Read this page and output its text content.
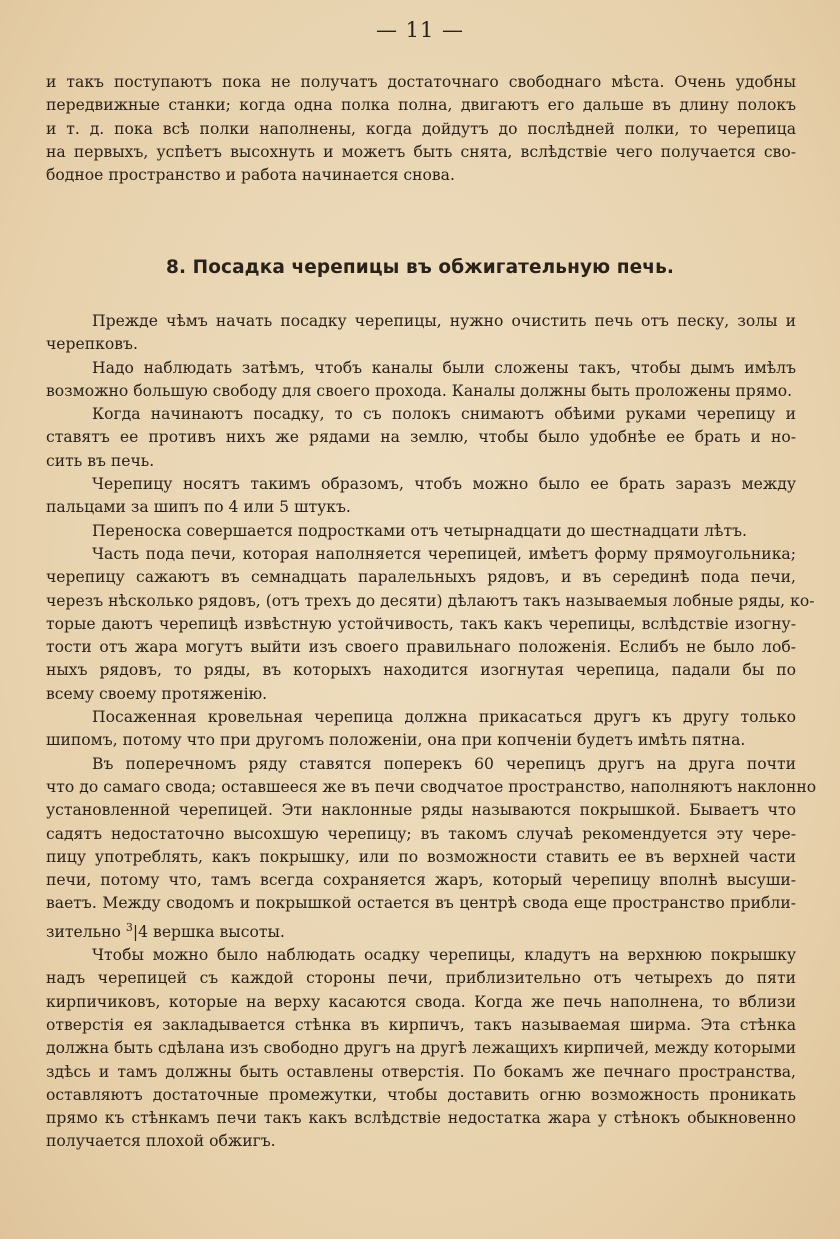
— 11 —
и такъ поступаютъ пока не получатъ достаточнаго свободнаго мѣста. Очень удобны
передвижные станки; когда одна полка полна, двигаютъ его дальше въ длину полокъ
и т. д. пока всѣ полки наполнены, когда дойдутъ до послѣдней полки, то черепица
на первыхъ, успѣетъ высохнуть и можетъ быть снята, вслѣдствіе чего получается сво-
бодное пространство и работа начинается снова.
8. Посадка черепицы въ обжигательную печь.
Прежде чѣмъ начать посадку черепицы, нужно очистить печь отъ песку, золы и
черепковъ.
Надо наблюдать затѣмъ, чтобъ каналы были сложены такъ, чтобы дымъ имѣлъ
возможно большую свободу для своего прохода. Каналы должны быть проложены прямо.
Когда начинаютъ посадку, то съ полокъ снимаютъ обѣими руками черепицу и
ставятъ ее противъ нихъ же рядами на землю, чтобы было удобнѣе ее брать и но-
сить въ печь.
Черепицу носятъ такимъ образомъ, чтобъ можно было ее брать заразъ между
пальцами за шипъ по 4 или 5 штукъ.
Переноска совершается подростками отъ четырнадцати до шестнадцати лѣтъ.
Часть пода печи, которая наполняется черепицей, имѣетъ форму прямоугольника;
черепицу сажаютъ въ семнадцать паралельныхъ рядовъ, и въ серединѣ пода печи,
черезъ нѣсколько рядовъ, (отъ трехъ до десяти) дѣлаютъ такъ называемыя лобные ряды, ко-
торые даютъ черепицѣ извѣстную устойчивость, такъ какъ черепицы, вслѣдствіе изогну-
тости отъ жара могутъ выйти изъ своего правильнаго положенія. Еслибъ не было лоб-
ныхъ рядовъ, то ряды, въ которыхъ находится изогнутая черепица, падали бы по
всему своему протяженію.
Посаженная кровельная черепица должна прикасаться другъ къ другу только
шипомъ, потому что при другомъ положеніи, она при копченіи будетъ имѣть пятна.
Въ поперечномъ ряду ставятся поперекъ 60 черепицъ другъ на друга почти
что до самаго свода; оставшееся же въ печи сводчатое пространство, наполняютъ наклонно
установленной черепицей. Эти наклонные ряды называются покрышкой. Бываетъ что
садятъ недостаточно высохшую черепицу; въ такомъ случаѣ рекомендуется эту чере-
пицу употреблять, какъ покрышку, или по возможности ставить ее въ верхней части
печи, потому что, тамъ всегда сохраняется жаръ, который черепицу вполнѣ высуши-
ваетъ. Между сводомъ и покрышкой остается въ центрѣ свода еще пространство прибли-
зительно $^3$|4 вершка высоты.
Чтобы можно было наблюдать осадку черепицы, кладутъ на верхнюю покрышку
надъ черепицей съ каждой стороны печи, приблизительно отъ четырехъ до пяти
кирпичиковъ, которые на верху касаются свода. Когда же печь наполнена, то вблизи
отверстія ея закладывается стѣнка въ кирпичъ, такъ называемая ширма. Эта стѣнка
должна быть сдѣлана изъ свободно другъ на другѣ лежащихъ кирпичей, между которыми
здѣсь и тамъ должны быть оставлены отверстія. По бокамъ же печнаго пространства,
оставляютъ достаточные промежутки, чтобы доставить огню возможность проникать
прямо къ стѣнкамъ печи такъ какъ вслѣдствіе недостатка жара у стѣнокъ обыкновенно
получается плохой обжигъ.
